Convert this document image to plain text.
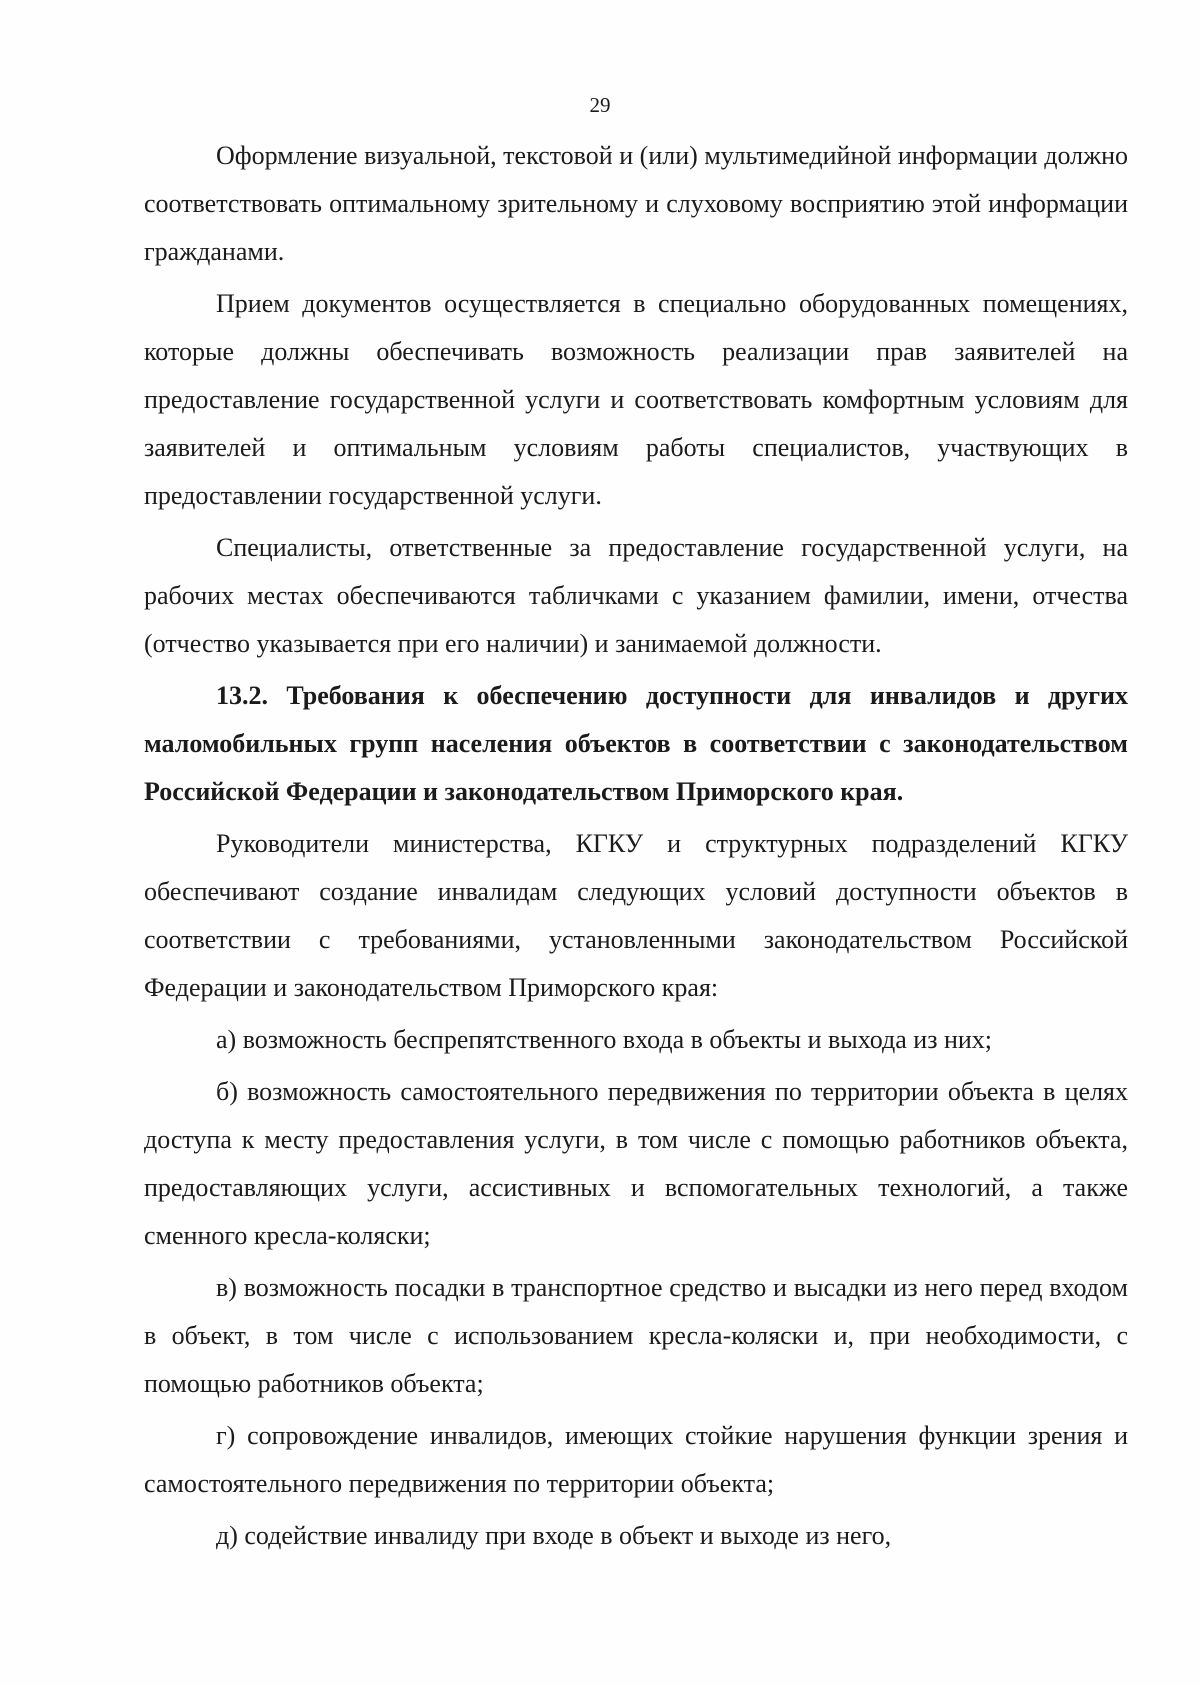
29

Оформление визуальной, текстовой и (или) мультимедийной информации должно соответствовать оптимальному зрительному и слуховому восприятию этой информации гражданами.

Прием документов осуществляется в специально оборудованных помещениях, которые должны обеспечивать возможность реализации прав заявителей на предоставление государственной услуги и соответствовать комфортным условиям для заявителей и оптимальным условиям работы специалистов, участвующих в предоставлении государственной услуги.

Специалисты, ответственные за предоставление государственной услуги, на рабочих местах обеспечиваются табличками с указанием фамилии, имени, отчества (отчество указывается при его наличии) и занимаемой должности.

13.2. Требования к обеспечению доступности для инвалидов и других маломобильных групп населения объектов в соответствии с законодательством Российской Федерации и законодательством Приморского края.

Руководители министерства, КГКУ и структурных подразделений КГКУ обеспечивают создание инвалидам следующих условий доступности объектов в соответствии с требованиями, установленными законодательством Российской Федерации и законодательством Приморского края:

а) возможность беспрепятственного входа в объекты и выхода из них;

б) возможность самостоятельного передвижения по территории объекта в целях доступа к месту предоставления услуги, в том числе с помощью работников объекта, предоставляющих услуги, ассистивных и вспомогательных технологий, а также сменного кресла-коляски;

в) возможность посадки в транспортное средство и высадки из него перед входом в объект, в том числе с использованием кресла-коляски и, при необходимости, с помощью работников объекта;

г) сопровождение инвалидов, имеющих стойкие нарушения функции зрения и самостоятельного передвижения по территории объекта;

д) содействие инвалиду при входе в объект и выходе из него,
